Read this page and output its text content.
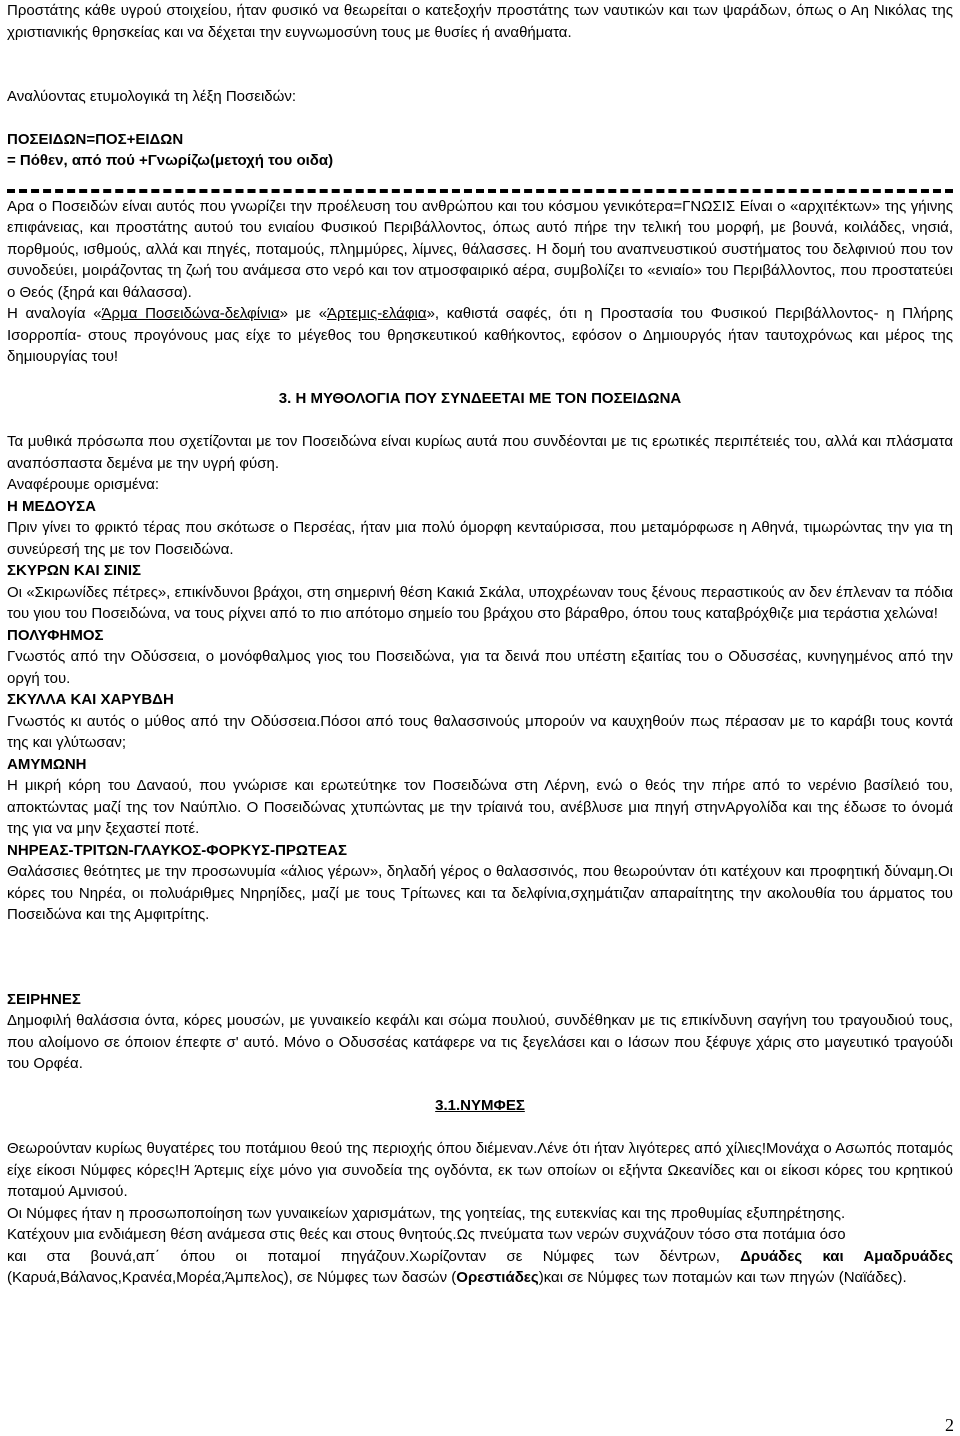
Προστάτης κάθε υγρού στοιχείου, ήταν φυσικό να θεωρείται ο κατεξοχήν προστάτης των ναυτικών και των ψαράδων, όπως ο Αη Νικόλας της χριστιανικής θρησκείας και να δέχεται την ευγνωμοσύνη τους με θυσίες ή αναθήματα.

Αναλύοντας ετυμολογικά τη λέξη Ποσειδών:

ΠΟΣΕΙΔΩΝ=ΠΟΣ+ΕΙΔΩΝ

= Πόθεν, από πού +Γνωρίζω(μετοχή του οιδα)

Αρα ο Ποσειδών είναι αυτός που γνωρίζει την προέλευση του ανθρώπου και του κόσμου γενικότερα=ΓΝΩΣΙΣ Είναι ο «αρχιτέκτων» της γήινης επιφάνειας, και προστάτης αυτού του ενιαίου Φυσικού Περιβάλλοντος, όπως αυτό πήρε την τελική του μορφή, με βουνά, κοιλάδες, νησιά, πορθμούς, ισθμούς, αλλά και πηγές, ποταμούς, πλημμύρες, λίμνες, θάλασσες. Η δομή του αναπνευστικού συστήματος του δελφινιού που τον συνοδεύει, μοιράζοντας τη ζωή του ανάμεσα στο νερό και τον ατμοσφαιρικό αέρα, συμβολίζει το «ενιαίο» του Περιβάλλοντος, που προστατεύει ο Θεός (ξηρά και θάλασσα).

Η αναλογία «Άρμα Ποσειδώνα-δελφίνια» με «Άρτεμις-ελάφια», καθιστά σαφές, ότι η Προστασία του Φυσικού Περιβάλλοντος- η Πλήρης Ισορροπία- στους προγόνους μας είχε το μέγεθος του θρησκευτικού καθήκοντος, εφόσον ο Δημιουργός ήταν ταυτοχρόνως και μέρος της δημιουργίας του!

3. Η ΜΥΘΟΛΟΓΙΑ ΠΟΥ ΣΥΝΔΕΕΤΑΙ ΜΕ ΤΟΝ ΠΟΣΕΙΔΩΝΑ

Τα μυθικά πρόσωπα που σχετίζονται με τον Ποσειδώνα είναι κυρίως αυτά που συνδέονται με τις ερωτικές περιπέτειές του, αλλά και πλάσματα αναπόσπαστα δεμένα με την υγρή φύση.

Αναφέρουμε ορισμένα:

Η ΜΕΔΟΥΣΑ

Πριν γίνει το φρικτό τέρας που σκότωσε ο Περσέας, ήταν μια πολύ όμορφη κενταύρισσα, που μεταμόρφωσε η Αθηνά, τιμωρώντας την για τη συνεύρεσή της με τον Ποσειδώνα.

ΣΚΥΡΩΝ ΚΑΙ ΣΙΝΙΣ

Οι «Σκιρωνίδες πέτρες», επικίνδυνοι βράχοι, στη σημερινή θέση Κακιά Σκάλα, υποχρέωναν τους ξένους περαστικούς αν δεν έπλεναν τα πόδια του γιου του Ποσειδώνα, να τους ρίχνει από το πιο απότομο σημείο του βράχου στο βάραθρο, όπου τους καταβρόχθιζε μια τεράστια χελώνα!

ΠΟΛΥΦΗΜΟΣ

Γνωστός από την Οδύσσεια, ο μονόφθαλμος γιος του Ποσειδώνα, για τα δεινά που υπέστη εξαιτίας του ο Οδυσσέας, κυνηγημένος από την οργή του.

ΣΚΥΛΛΑ ΚΑΙ ΧΑΡΥΒΔΗ

Γνωστός κι αυτός ο μύθος από την Οδύσσεια.Πόσοι από τους θαλασσινούς μπορούν να καυχηθούν πως πέρασαν με το καράβι τους κοντά της και γλύτωσαν;

ΑΜΥΜΩΝΗ

Η μικρή κόρη του Δαναού, που γνώρισε και ερωτεύτηκε τον Ποσειδώνα στη Λέρνη, ενώ ο θεός την πήρε από το νερένιο βασίλειό του, αποκτώντας μαζί της τον Ναύπλιο. Ο Ποσειδώνας χτυπώντας με την τρίαινά του, ανέβλυσε μια πηγή στηνΑργολίδα και της έδωσε το όνομά της για να μην ξεχαστεί ποτέ.

ΝΗΡΕΑΣ-ΤΡΙΤΩΝ-ΓΛΑΥΚΟΣ-ΦΟΡΚΥΣ-ΠΡΩΤΕΑΣ

Θαλάσσιες θεότητες με την προσωνυμία «άλιος γέρων», δηλαδή γέρος ο θαλασσινός, που θεωρούνταν ότι κατέχουν και προφητική δύναμη.Οι κόρες του Νηρέα, οι πολυάριθμες Νηρηίδες, μαζί με τους Τρίτωνες και τα δελφίνια,σχημάτιζαν απαραίτητης την ακολουθία του άρματος του Ποσειδώνα και της Αμφιτρίτης.

ΣΕΙΡΗΝΕΣ

Δημοφιλή θαλάσσια όντα, κόρες μουσών, με γυναικείο κεφάλι και σώμα πουλιού, συνδέθηκαν με τις επικίνδυνη σαγήνη του τραγουδιού τους, που αλοίμονο σε όποιον έπεφτε σ' αυτό. Μόνο ο Οδυσσέας κατάφερε να τις ξεγελάσει και ο Ιάσων που ξέφυγε χάρις στο μαγευτικό τραγούδι του Ορφέα.

3.1.ΝΥΜΦΕΣ

Θεωρούνταν κυρίως θυγατέρες του ποτάμιου θεού της περιοχής όπου διέμεναν.Λένε ότι ήταν λιγότερες από χίλιες!Μονάχα ο Ασωπός ποταμός είχε είκοσι Νύμφες κόρες!Η Άρτεμις είχε μόνο για συνοδεία της ογδόντα, εκ των οποίων οι εξήντα Ωκεανίδες και οι είκοσι κόρες του κρητικού ποταμού Αμνισού.

Οι Νύμφες ήταν η προσωποποίηση των γυναικείων χαρισμάτων, της γοητείας, της ευτεκνίας και της προθυμίας εξυπηρέτησης.

Κατέχουν μια ενδιάμεση θέση ανάμεσα στις θεές και στους θνητούς.Ως πνεύματα των νερών συχνάζουν τόσο στα ποτάμια όσο

και στα βουνά,απ΄ όπου οι ποταμοί πηγάζουν.Χωρίζονταν σε Νύμφες των δέντρων, Δρυάδες και Αμαδρυάδες (Καρυά,Βάλανος,Κρανέα,Μορέα,Άμπελος), σε Νύμφες των δασών (Ορεστιάδες)και σε Νύμφες των ποταμών και των πηγών (Ναϊάδες).

2
